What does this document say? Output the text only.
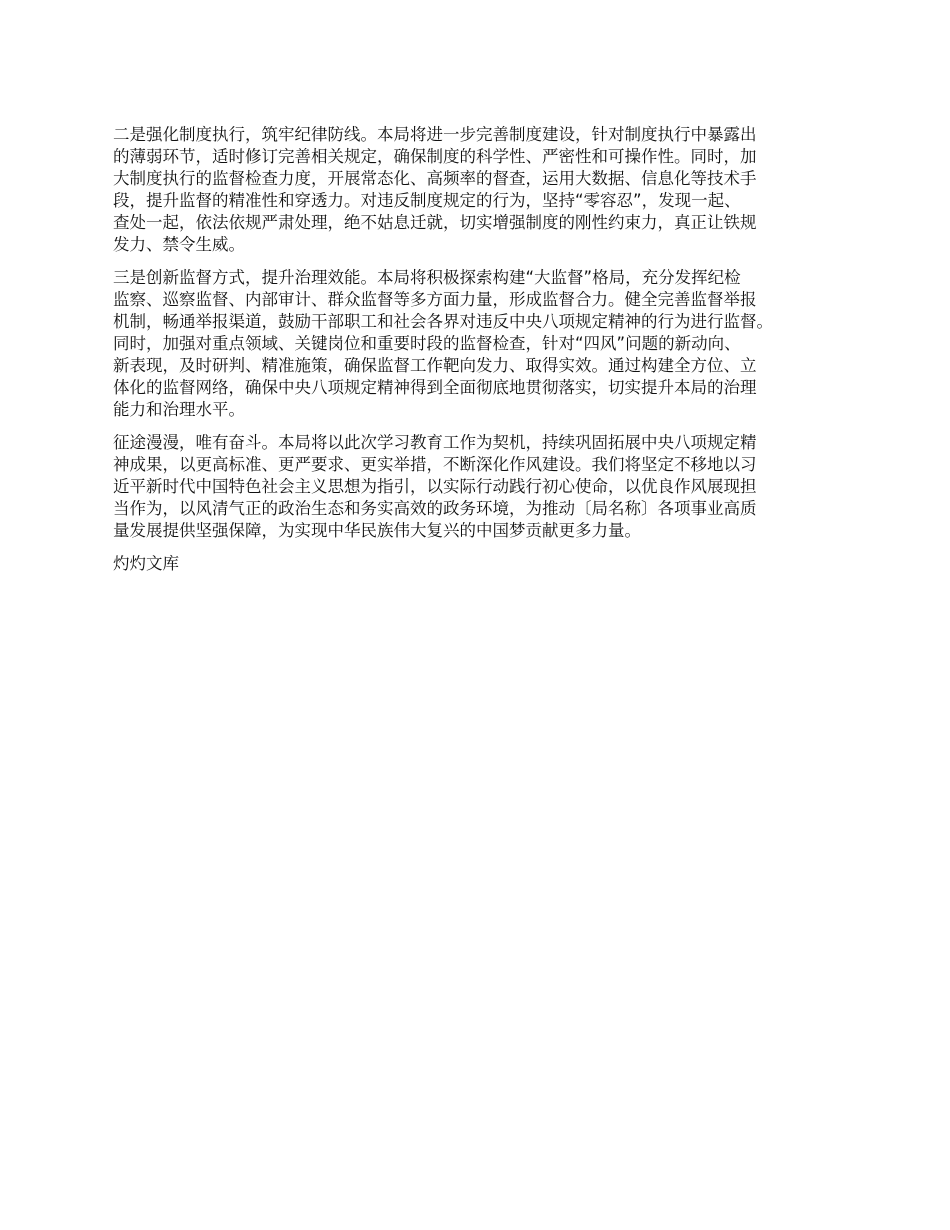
二是强化制度执行，筑牢纪律防线。本局将进一步完善制度建设，针对制度执行中暴露出
的薄弱环节，适时修订完善相关规定，确保制度的科学性、严密性和可操作性。同时，加
大制度执行的监督检查力度，开展常态化、高频率的督查，运用大数据、信息化等技术手
段，提升监督的精准性和穿透力。对违反制度规定的行为，坚持“零容忍”，发现一起、
查处一起，依法依规严肃处理，绝不姑息迁就，切实增强制度的刚性约束力，真正让铁规
发力、禁令生威。

三是创新监督方式，提升治理效能。本局将积极探索构建“大监督”格局，充分发挥纪检
监察、巡察监督、内部审计、群众监督等多方面力量，形成监督合力。健全完善监督举报
机制，畅通举报渠道，鼓励干部职工和社会各界对违反中央八项规定精神的行为进行监督。
同时，加强对重点领域、关键岗位和重要时段的监督检查，针对“四风”问题的新动向、
新表现，及时研判、精准施策，确保监督工作靶向发力、取得实效。通过构建全方位、立
体化的监督网络，确保中央八项规定精神得到全面彻底地贯彻落实，切实提升本局的治理
能力和治理水平。

征途漫漫，唯有奋斗。本局将以此次学习教育工作为契机，持续巩固拓展中央八项规定精
神成果，以更高标准、更严要求、更实举措，不断深化作风建设。我们将坚定不移地以习
近平新时代中国特色社会主义思想为指引，以实际行动践行初心使命，以优良作风展现担
当作为，以风清气正的政治生态和务实高效的政务环境，为推动〔局名称〕各项事业高质
量发展提供坚强保障，为实现中华民族伟大复兴的中国梦贡献更多力量。

灼灼文库
